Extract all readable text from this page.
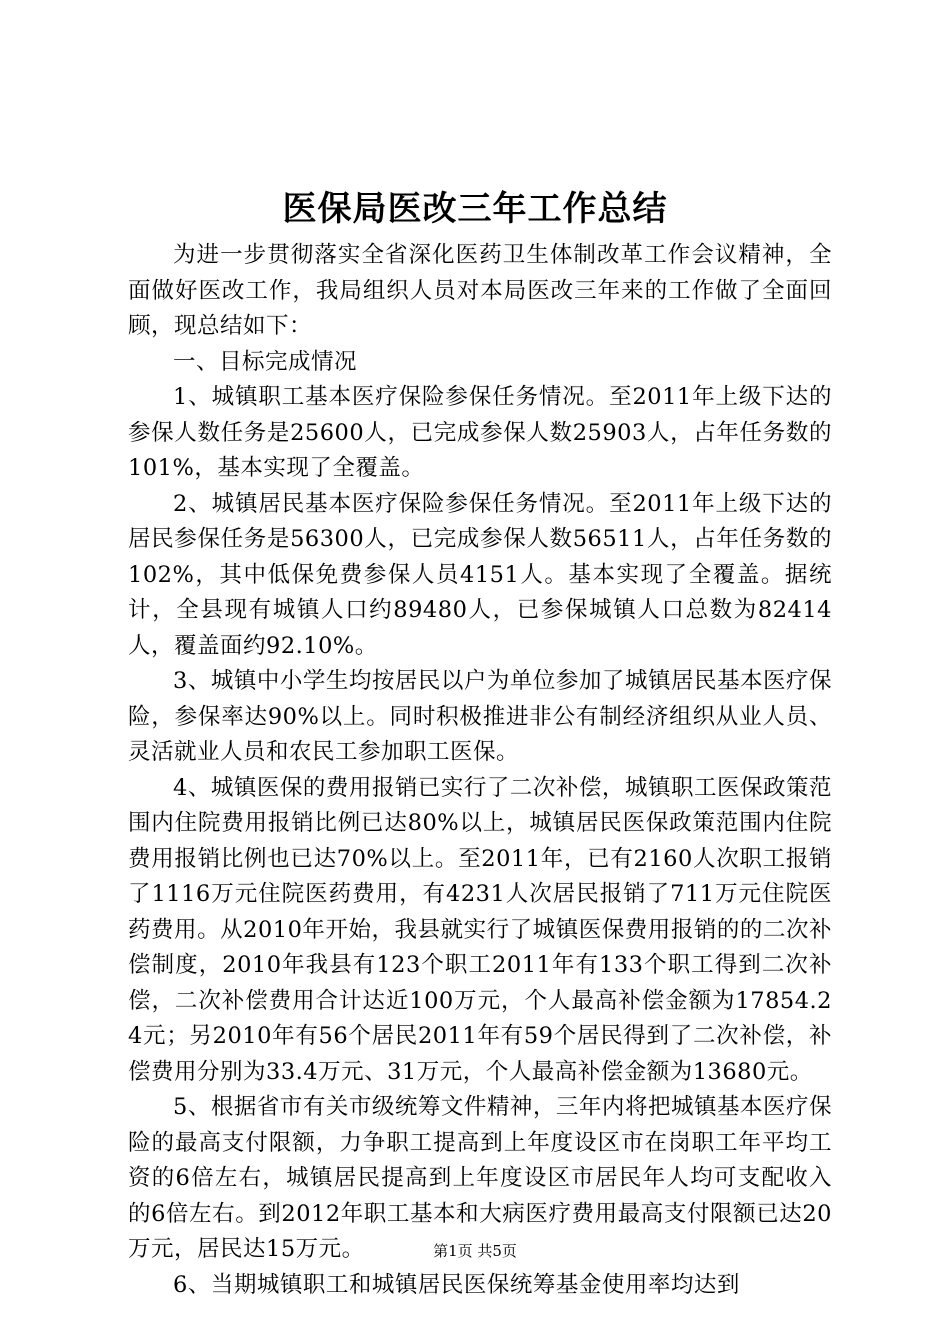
医保局医改三年工作总结

为进一步贯彻落实全省深化医药卫生体制改革工作会议精神，全面做好医改工作，我局组织人员对本局医改三年来的工作做了全面回顾，现总结如下：

一、目标完成情况

1、城镇职工基本医疗保险参保任务情况。至2011年上级下达的参保人数任务是25600人，已完成参保人数25903人，占年任务数的101%，基本实现了全覆盖。

2、城镇居民基本医疗保险参保任务情况。至2011年上级下达的居民参保任务是56300人，已完成参保人数56511人，占年任务数的102%，其中低保免费参保人员4151人。基本实现了全覆盖。据统计，全县现有城镇人口约89480人，已参保城镇人口总数为82414人，覆盖面约92.10%。

3、城镇中小学生均按居民以户为单位参加了城镇居民基本医疗保险，参保率达90%以上。同时积极推进非公有制经济组织从业人员、灵活就业人员和农民工参加职工医保。

4、城镇医保的费用报销已实行了二次补偿，城镇职工医保政策范围内住院费用报销比例已达80%以上，城镇居民医保政策范围内住院费用报销比例也已达70%以上。至2011年，已有2160人次职工报销了1116万元住院医药费用，有4231人次居民报销了711万元住院医药费用。从2010年开始，我县就实行了城镇医保费用报销的的二次补偿制度，2010年我县有123个职工2011年有133个职工得到二次补偿，二次补偿费用合计达近100万元，个人最高补偿金额为17854.24元；另2010年有56个居民2011年有59个居民得到了二次补偿，补偿费用分别为33.4万元、31万元，个人最高补偿金额为13680元。

5、根据省市有关市级统筹文件精神，三年内将把城镇基本医疗保险的最高支付限额，力争职工提高到上年度设区市在岗职工年平均工资的6倍左右，城镇居民提高到上年度设区市居民年人均可支配收入的6倍左右。到2012年职工基本和大病医疗费用最高支付限额已达20万元，居民达15万元。

6、当期城镇职工和城镇居民医保统筹基金使用率均达到

第1页 共5页
